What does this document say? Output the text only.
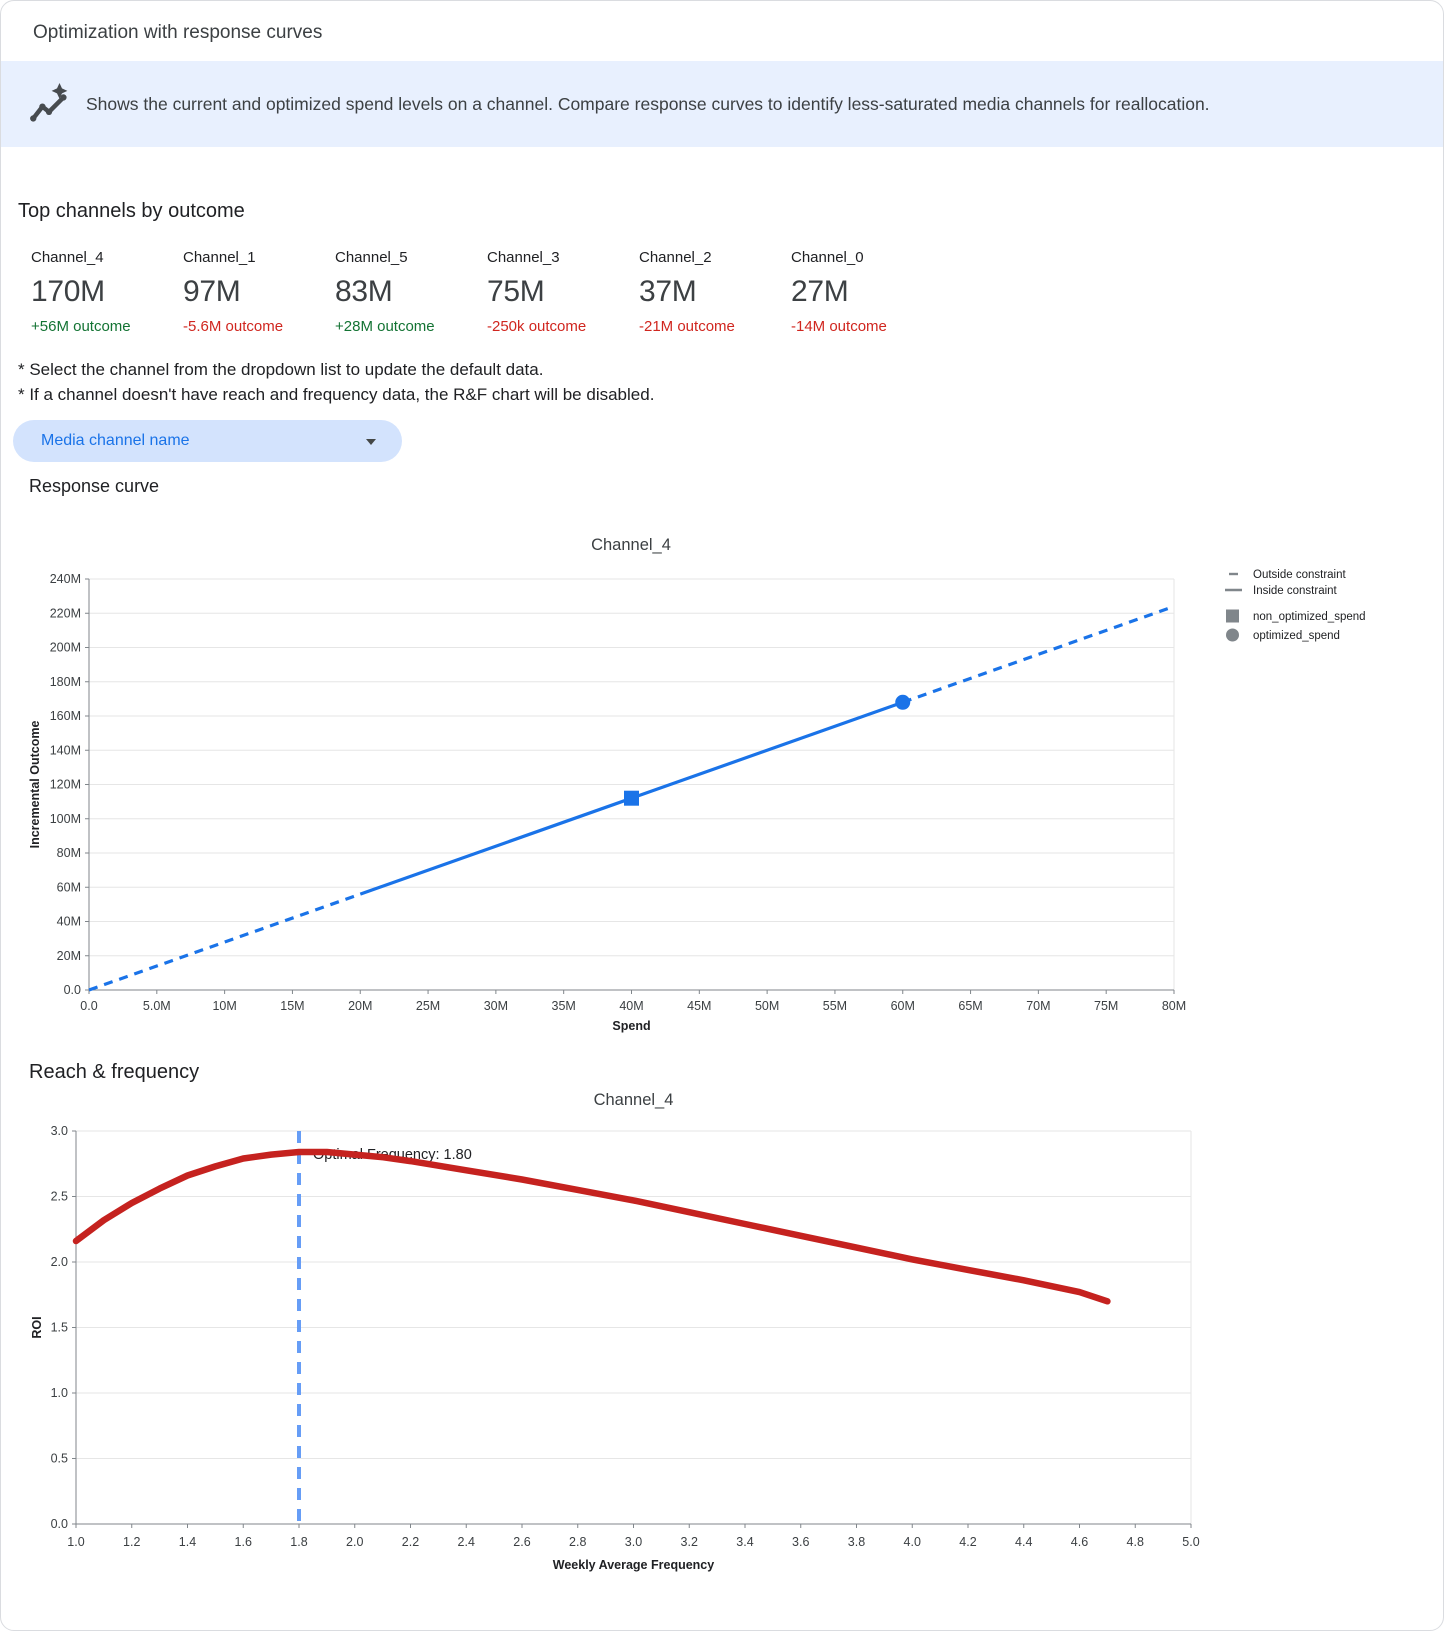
Optimization with response curves
Shows the current and optimized spend levels on a channel. Compare response curves to identify less-saturated media channels for reallocation.
Top channels by outcome
Channel_4
170M
+56M outcome
Channel_1
97M
-5.6M outcome
Channel_5
83M
+28M outcome
Channel_3
75M
-250k outcome
Channel_2
37M
-21M outcome
Channel_0
27M
-14M outcome
* Select the channel from the dropdown list to update the default data.
* If a channel doesn't have reach and frequency data, the R&F chart will be disabled.
Media channel name
Response curve
Channel_4
0.0
20M
40M
60M
80M
100M
120M
140M
160M
180M
200M
220M
240M
0.0	5.0M	10M	15M	20M	25M	30M	35M	40M	45M	50M	55M	60M	65M	70M	75M	80M
Spend
Incremental Outcome
Outside constraint
Inside constraint
non_optimized_spend
optimized_spend
Reach & frequency
Channel_4
0.0
0.5
1.0
1.5
2.0
2.5
3.0
1.0	1.2	1.4	1.6	1.8	2.0	2.2	2.4	2.6	2.8	3.0	3.2	3.4	3.6	3.8	4.0	4.2	4.4	4.6	4.8	5.0
Weekly Average Frequency
ROI
Optimal Frequency: 1.80
